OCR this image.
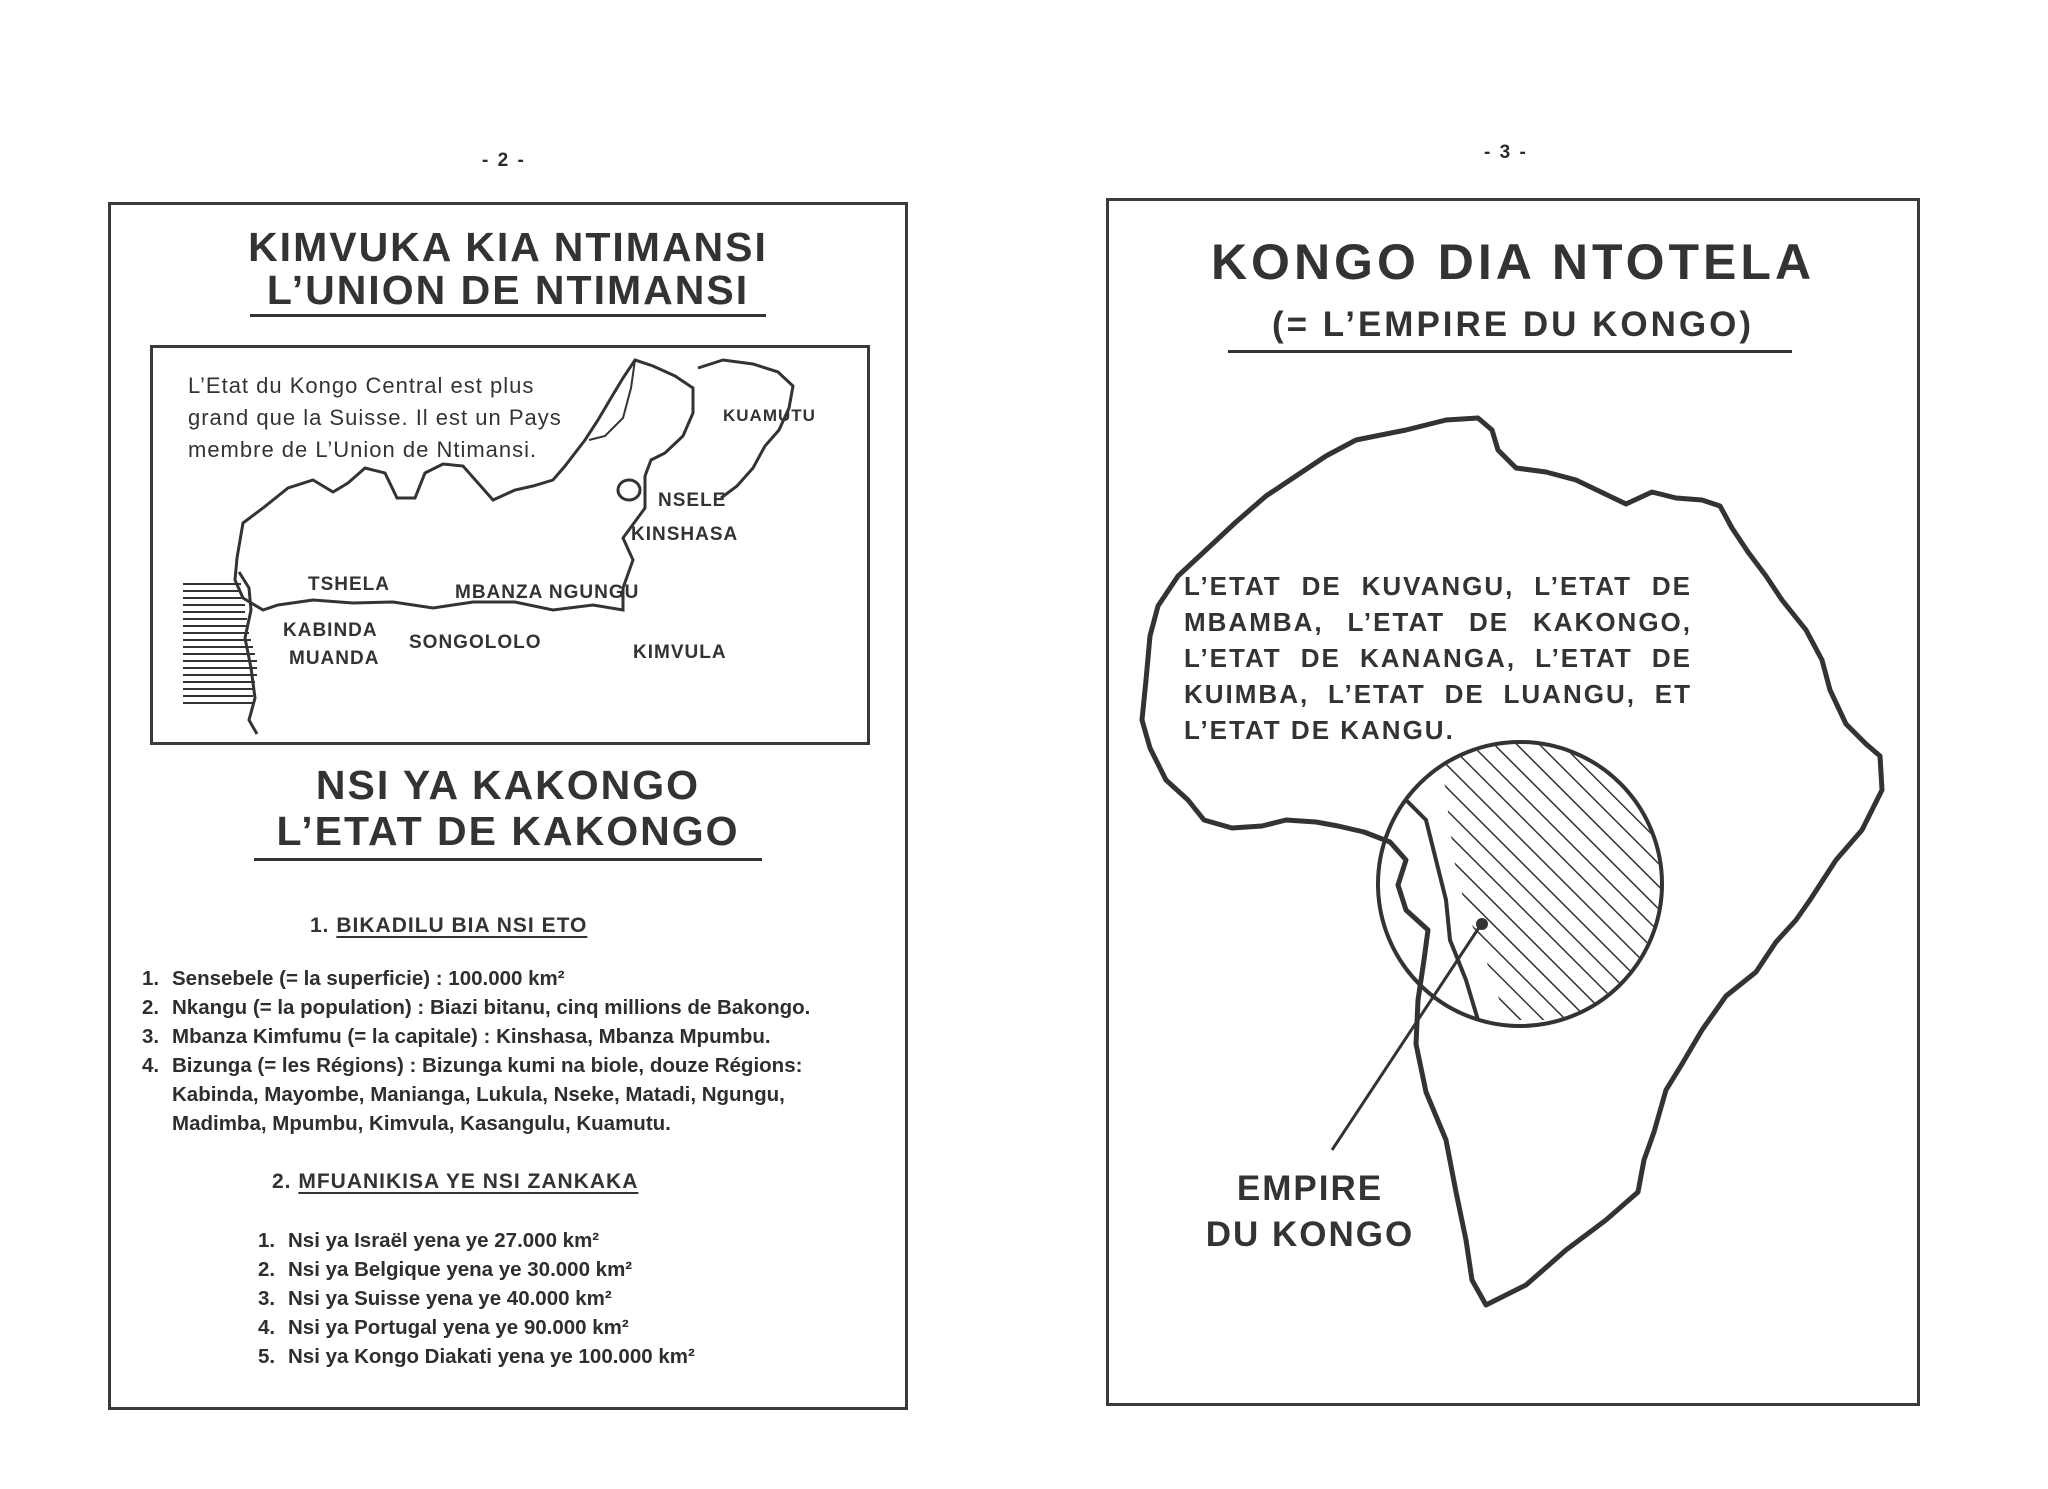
- 2 -
KIMVUKA KIA NTIMANSI
L’UNION DE NTIMANSI
L’Etat du Kongo Central est plus
grand que la Suisse. Il est un Pays
membre de L’Union de Ntimansi.
KUAMUTU
NSELE
KINSHASA
TSHELA	MBANZA NGUNGU
KABINDA
MUANDA
SONGOLOLO	KIMVULA
NSI YA KAKONGO
L’ETAT DE KAKONGO
1. BIKADILU BIA NSI ETO
1. Sensebele (= la superficie) : 100.000 km²
2. Nkangu (= la population) : Biazi bitanu, cinq millions de Bakongo.
3. Mbanza Kimfumu (= la capitale) : Kinshasa, Mbanza Mpumbu.
4. Bizunga (= les Régions) : Bizunga kumi na biole, douze Régions:
Kabinda, Mayombe, Manianga, Lukula, Nseke, Matadi, Ngungu,
Madimba, Mpumbu, Kimvula, Kasangulu, Kuamutu.
2. MFUANIKISA YE NSI ZANKAKA
1. Nsi ya Israël yena ye 27.000 km²
2. Nsi ya Belgique yena ye 30.000 km²
3. Nsi ya Suisse yena ye 40.000 km²
4. Nsi ya Portugal yena ye 90.000 km²
5. Nsi ya Kongo Diakati yena ye 100.000 km²
- 3 -
KONGO DIA NTOTELA
(= L’EMPIRE DU KONGO)
L’ETAT DE KUVANGU, L’ETAT DE MBAMBA, L’ETAT DE KAKONGO, L’ETAT DE KANANGA, L’ETAT DE KUIMBA, L’ETAT DE LUANGU, ET L’ETAT DE KANGU.
EMPIRE
DU KONGO
